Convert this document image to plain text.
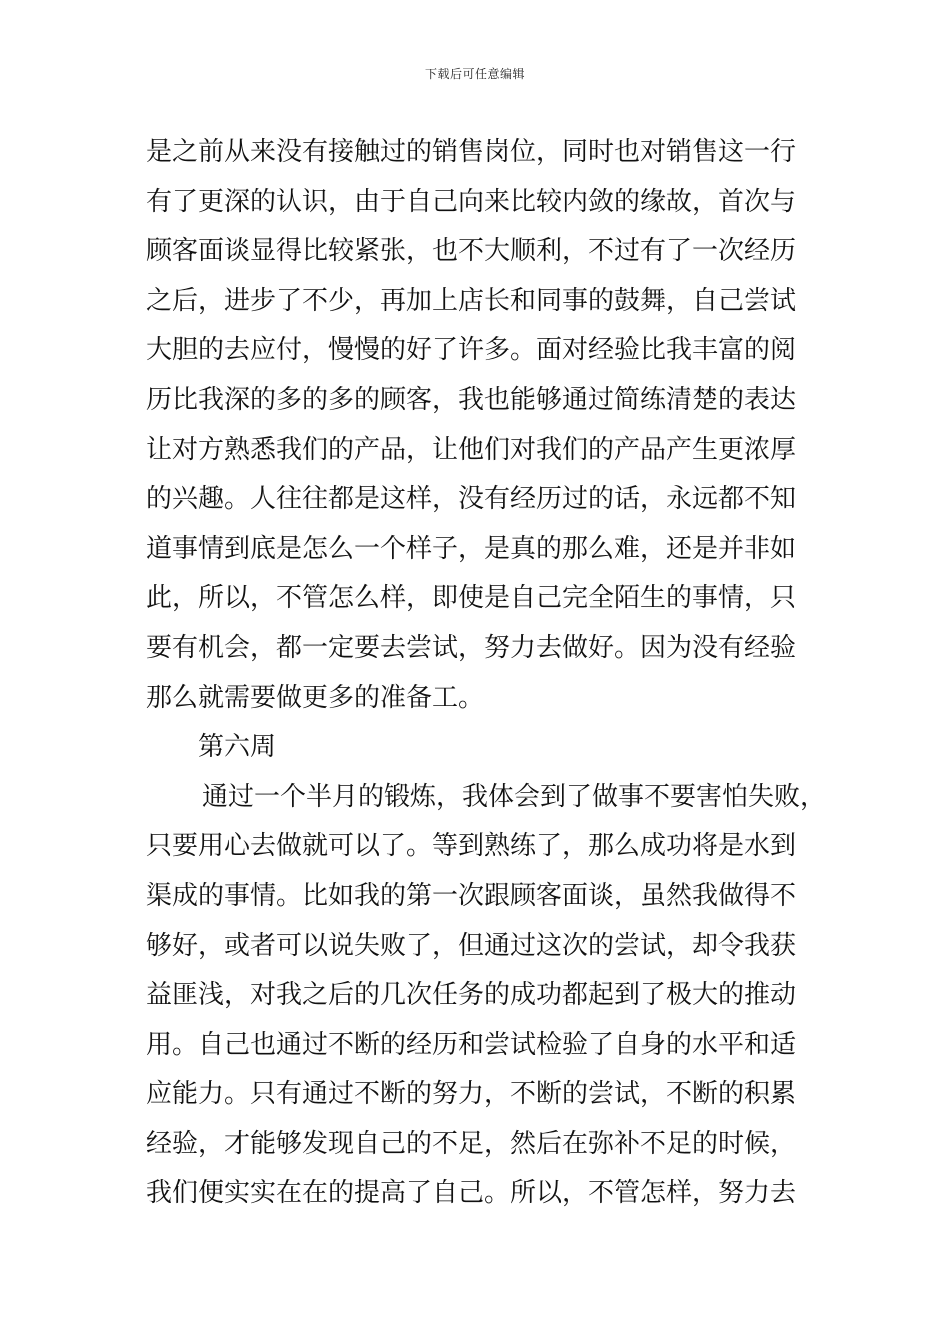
下载后可任意编辑
是之前从来没有接触过的销售岗位，同时也对销售这一行
有了更深的认识，由于自己向来比较内敛的缘故，首次与
顾客面谈显得比较紧张，也不大顺利，不过有了一次经历
之后，进步了不少，再加上店长和同事的鼓舞，自己尝试
大胆的去应付，慢慢的好了许多。面对经验比我丰富的阅
历比我深的多的多的顾客，我也能够通过简练清楚的表达
让对方熟悉我们的产品，让他们对我们的产品产生更浓厚
的兴趣。人往往都是这样，没有经历过的话，永远都不知
道事情到底是怎么一个样子，是真的那么难，还是并非如
此，所以，不管怎么样，即使是自己完全陌生的事情，只
要有机会，都一定要去尝试，努力去做好。因为没有经验
那么就需要做更多的准备工。
第六周
通过一个半月的锻炼，我体会到了做事不要害怕失败，
只要用心去做就可以了。等到熟练了，那么成功将是水到
渠成的事情。比如我的第一次跟顾客面谈，虽然我做得不
够好，或者可以说失败了，但通过这次的尝试，却令我获
益匪浅，对我之后的几次任务的成功都起到了极大的推动
用。自己也通过不断的经历和尝试检验了自身的水平和适
应能力。只有通过不断的努力，不断的尝试，不断的积累
经验，才能够发现自己的不足，然后在弥补不足的时候，
我们便实实在在的提高了自己。所以，不管怎样，努力去
